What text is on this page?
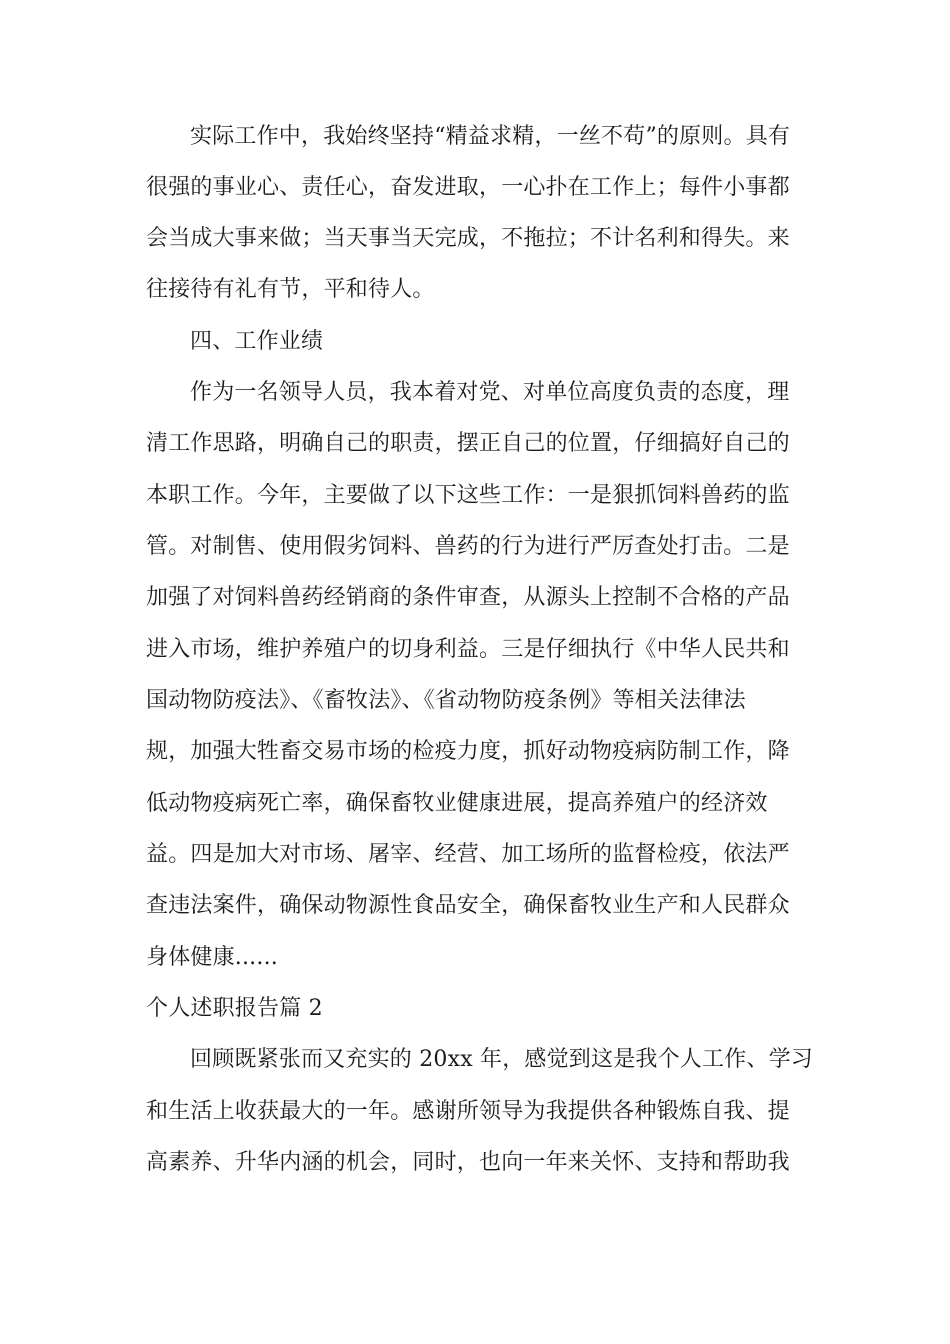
实际工作中，我始终坚持“精益求精，一丝不苟”的原则。具有
很强的事业心、责任心，奋发进取，一心扑在工作上；每件小事都
会当成大事来做；当天事当天完成，不拖拉；不计名利和得失。来
往接待有礼有节，平和待人。
四、工作业绩
作为一名领导人员，我本着对党、对单位高度负责的态度，理
清工作思路，明确自己的职责，摆正自己的位置，仔细搞好自己的
本职工作。今年，主要做了以下这些工作：一是狠抓饲料兽药的监
管。对制售、使用假劣饲料、兽药的行为进行严厉查处打击。二是
加强了对饲料兽药经销商的条件审查，从源头上控制不合格的产品
进入市场，维护养殖户的切身利益。三是仔细执行《中华人民共和
国动物防疫法》、《畜牧法》、《省动物防疫条例》等相关法律法
规，加强大牲畜交易市场的检疫力度，抓好动物疫病防制工作，降
低动物疫病死亡率，确保畜牧业健康进展，提高养殖户的经济效
益。四是加大对市场、屠宰、经营、加工场所的监督检疫，依法严
查违法案件，确保动物源性食品安全，确保畜牧业生产和人民群众
身体健康......
个人述职报告篇 2
回顾既紧张而又充实的 20xx 年，感觉到这是我个人工作、学习
和生活上收获最大的一年。感谢所领导为我提供各种锻炼自我、提
高素养、升华内涵的机会，同时，也向一年来关怀、支持和帮助我
